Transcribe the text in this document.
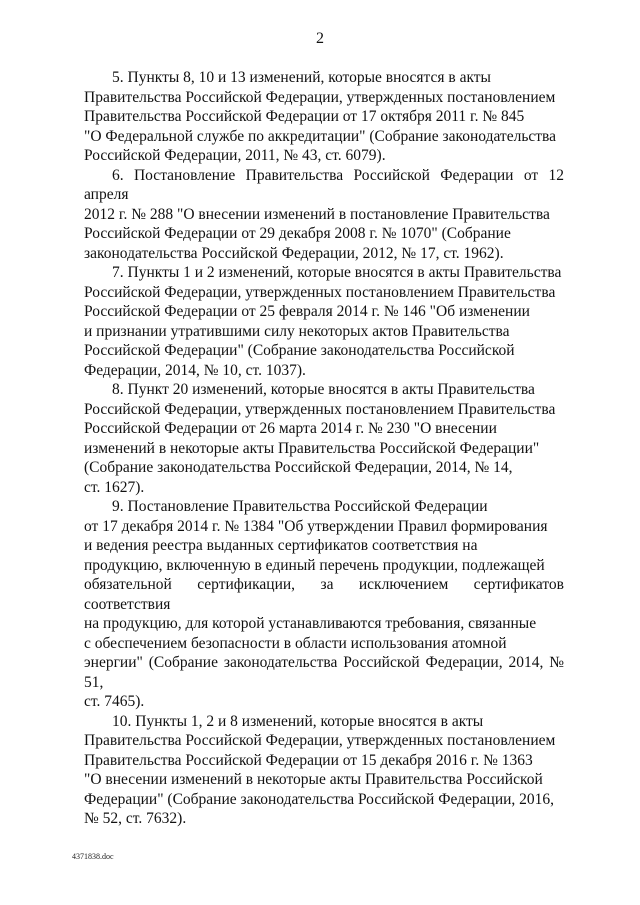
2

5. Пункты 8, 10 и 13 изменений, которые вносятся в акты
Правительства Российской Федерации, утвержденных постановлением
Правительства Российской Федерации от 17 октября 2011 г. № 845
"О Федеральной службе по аккредитации" (Собрание законодательства
Российской Федерации, 2011, № 43, ст. 6079).

6. Постановление Правительства Российской Федерации от 12 апреля
2012 г. № 288 "О внесении изменений в постановление Правительства
Российской Федерации от 29 декабря 2008 г. № 1070" (Собрание
законодательства Российской Федерации, 2012, № 17, ст. 1962).

7. Пункты 1 и 2 изменений, которые вносятся в акты Правительства
Российской Федерации, утвержденных постановлением Правительства
Российской Федерации от 25 февраля 2014 г. № 146 "Об изменении
и признании утратившими силу некоторых актов Правительства
Российской Федерации" (Собрание законодательства Российской
Федерации, 2014, № 10, ст. 1037).

8. Пункт 20 изменений, которые вносятся в акты Правительства
Российской Федерации, утвержденных постановлением Правительства
Российской Федерации от 26 марта 2014 г. № 230 "О внесении
изменений в некоторые акты Правительства Российской Федерации"
(Собрание законодательства Российской Федерации, 2014, № 14,
ст. 1627).

9. Постановление Правительства Российской Федерации
от 17 декабря 2014 г. № 1384 "Об утверждении Правил формирования
и ведения реестра выданных сертификатов соответствия на
продукцию, включенную в единый перечень продукции, подлежащей
обязательной сертификации, за исключением сертификатов соответствия
на продукцию, для которой устанавливаются требования, связанные
с обеспечением безопасности в области использования атомной
энергии" (Собрание законодательства Российской Федерации, 2014, № 51,
ст. 7465).

10. Пункты 1, 2 и 8 изменений, которые вносятся в акты
Правительства Российской Федерации, утвержденных постановлением
Правительства Российской Федерации от 15 декабря 2016 г. № 1363
"О внесении изменений в некоторые акты Правительства Российской
Федерации" (Собрание законодательства Российской Федерации, 2016,
№ 52, ст. 7632).

4371838.doc
